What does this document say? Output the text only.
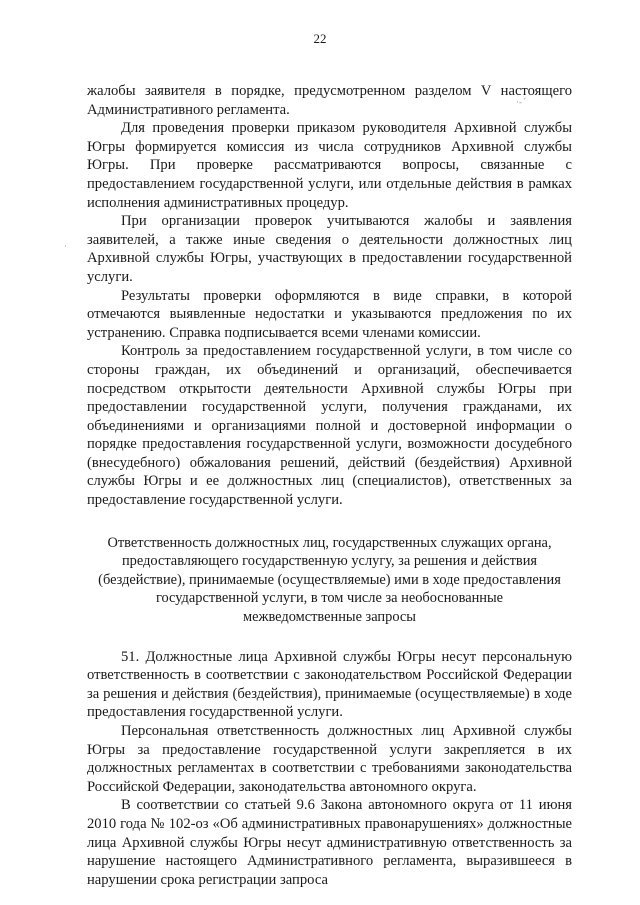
22
·-´
·

жалобы заявителя в порядке, предусмотренном разделом V настоящего Административного регламента.

Для проведения проверки приказом руководителя Архивной службы Югры формируется комиссия из числа сотрудников Архивной службы Югры. При проверке рассматриваются вопросы, связанные с предоставлением государственной услуги, или отдельные действия в рамках исполнения административных процедур.

При организации проверок учитываются жалобы и заявления заявителей, а также иные сведения о деятельности должностных лиц Архивной службы Югры, участвующих в предоставлении государственной услуги.

Результаты проверки оформляются в виде справки, в которой отмечаются выявленные недостатки и указываются предложения по их устранению. Справка подписывается всеми членами комиссии.

Контроль за предоставлением государственной услуги, в том числе со стороны граждан, их объединений и организаций, обеспечивается посредством открытости деятельности Архивной службы Югры при предоставлении государственной услуги, получения гражданами, их объединениями и организациями полной и достоверной информации о порядке предоставления государственной услуги, возможности досудебного (внесудебного) обжалования решений, действий (бездействия) Архивной службы Югры и ее должностных лиц (специалистов), ответственных за предоставление государственной услуги.

Ответственность должностных лиц, государственных служащих органа,
предоставляющего государственную услугу, за решения и действия
(бездействие), принимаемые (осуществляемые) ими в ходе предоставления
государственной услуги, в том числе за необоснованные
межведомственные запросы

51. Должностные лица Архивной службы Югры несут персональную ответственность в соответствии с законодательством Российской Федерации за решения и действия (бездействия), принимаемые (осуществляемые) в ходе предоставления государственной услуги.

Персональная ответственность должностных лиц Архивной службы Югры за предоставление государственной услуги закрепляется в их должностных регламентах в соответствии с требованиями законодательства Российской Федерации, законодательства автономного округа.

В соответствии со статьей 9.6 Закона автономного округа от 11 июня 2010 года № 102-оз «Об административных правонарушениях» должностные лица Архивной службы Югры несут административную ответственность за нарушение настоящего Административного регламента, выразившееся в нарушении срока регистрации запроса
